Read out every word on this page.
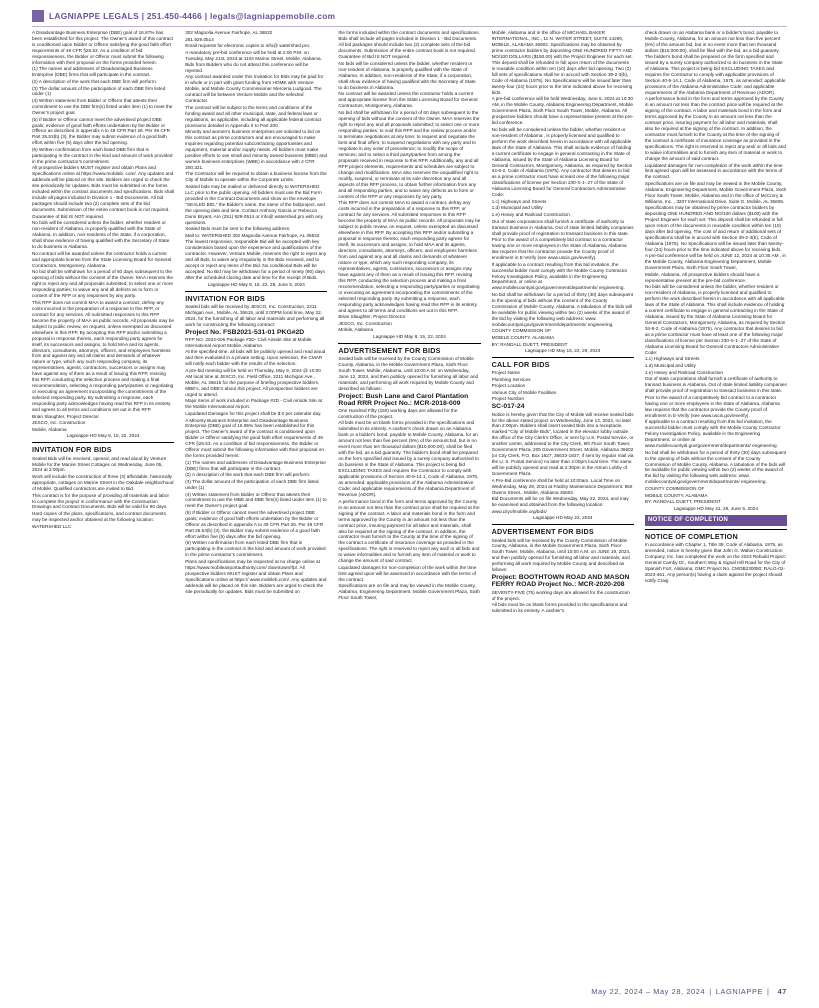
LAGNIAPPE LEGALS | 251.450-4466 | legals@lagniappemobile.com

A Disadvantage Business Enterprise (DBE) goal of 16.87% has been established for this project. The Owner's award of this contract is conditioned upon Bidder or Offeror satisfying the good faith effort requirements of 49 CFR §26.53. As a condition of bid responsiveness, the Bidder or Offeror must submit the following information with their proposal on the forms provided herein:

(1) The names and addresses of Disadvantaged Business Enterprise (DBE) firms that will participate in the contract.

(2) A description of the work that each DBE firm will perform.

(3) The dollar amount of the participation of each DBE firm listed under (1)

(4) Written statement from Bidder or Offeror that attests their commitment to use the DBE firm(s) listed under item (1) to meet the Owner's project goal.

(5) If Bidder or Offeror cannot meet the advertised project DBE goals; evidence of good faith efforts undertaken by the Bidder or Offeror as described in appendix A to 49 CFR Part 26. Per 49 CFR Part 26.53(b) (3), the Bidder may submit evidence of a good faith effort within five (5) days after the bid opening.

(6) Written confirmation from each listed DBE firm that is participating in the contract in the kind and amount of work provided in the prime contractor's commitment.

All prospective bidders MUST register and obtain Plans and Specifications online at https://www.mobileb. com/. Any updates and addenda will be placed on this site. Bidders are urged to check the site periodically for updates. Bids must be submitted on the forms included within the contract documents and specifications. Bids shall include all pages included in Division 1 - Bid Documents. All bid packages should include two (2) complete sets of the bid documents. Submission of the entire contract book is not required.

Guarantee of Bid IS NOT required.

No bids will be considered unless the bidder, whether resident or non-resident of Alabama, is properly qualified with the State of Alabama. In addition, non-residents of the State, if a corporation, shall show evidence of having qualified with the Secretary of State to do business in Alabama.

No contract will be awarded unless the contractor holds a current and appropriate license from the State Licensing Board for General Contractors, Montgomery, Alabama.

No bid shall be withdrawn for a period of 60 days subsequent to the opening of bids without the consent of the Owner. MAA reserves the right to reject any and all proposals submitted; to select one or more responding parties; to waive any and all defects as to form or content of the RFP or any responses by any party.

This RFP does not commit MAA to award a contract, defray any costs incurred in the preparation of a response to this RFP, or contract for any services. All submitted responses to this RFP become the property of MAA as public records. All proposals may be subject to public review, on request, unless exempted as discussed elsewhere in this RFP. By accepting this RFP and/or submitting a proposal in response thereto, each responding party agrees for itself, its successors and assigns, to hold MAA and its agents, directors, consultants, attorneys, officers, and employees harmless from and against any and all claims and demands of whatever nature or type, which any such responding company, its representatives, agents, contractors, successors or assigns may have against any of them as a result of issuing this RFP, revising this RFP, conducting the selection process and making a final recommendation, selecting a responding party/parties or negotiating or executing an agreement incorporating the commitments of the selected responding party. By submitting a response, each responding party acknowledges having read this RFP in its entirety and agrees to all terms and conditions set out in this RFP.

Brian Slaughter, Project Director

JESCO, Inc. Construction

Mobile, Alabama

Lagniappe HD May 8, 15, 22, 2024

INVITATION FOR BIDS

Sealed Bids will be received, opened, and read aloud by Venture Mobile for the Marine Street Cottages on Wednesday, June 05, 2024 at 2:00pm.

Work will include the construction of three (3) affordable, historically appropriate, cottages on Marine Street in the Oakdale neighborhood of Mobile. Qualified contractors are invited to Bid.

This contract is for the purpose of providing all materials and labor to complete the project in conformance with the Construction Drawings and Contract Documents. Bids will be valid for 90 days.

Hard copies of the plans, specifications, and contract documents may be inspected and/or obtained at the following location:

WATERSHED LLC

302 Magnolia Avenue Fairhope, AL 36532

251.929.0514

Email requests for electronic copies to info@ watershed.pro.

A mandatory pre-bid conference will be held at 2:00 P.M. on Tuesday, May 21st, 2024 at 1104 Marine Street, Mobile, Alabama. Bids from Bidders who do not attend this conference will be rejected.

Any contract awarded under this Invitation for Bids may be paid for in whole or in part with grant funding from HOME with Venture Mobile, and Mobile County Commissioner Merceria Ludgood. The contract will be between Venture Mobile and the selected Contractor.

The contract will be subject to the terms and conditions of the funding award and all other municipal, state, and federal laws or regulations, as applicable, including all applicable federal contract provisions detailed in Appendix II to Part 200.

Minority and women's business enterprises are solicited to bid on this contract as prime contractors and are encouraged to make inquiries regarding potential subcontracting opportunities and equipment, material and/or supply needs. All bidders must make positive efforts to use small and minority owned business (MBE) and women business enterprises (WBE) in accordance with 2 CFR 200.321.

The Contractor will be required to obtain a business license from the City of Mobile to operate within the Corporate Limits.

Sealed bids may be mailed or delivered directly to WATERSHED LLC prior to the public opening. All bidders must use the Bid Form provided in the Contract Documents and show on the envelope "SEALED BID," the Bidder's name, the name of the bid/project, and the opening date and time. Contact Anthony Garcia or Rebecca Dunn Bryant, AIA (251) 929-0514 or info@ watershed.pro with any questions.

Sealed Bids must be sent to the following address:

Mail to: WATERSHED 302 Magnolia Avenue Fairhope, AL 36532

The lowest responsive, responsible Bid will be accepted with key consideration based upon the experience and qualifications of the contractor. However, Venture Mobile, reserves the right to reject any and all Bids, to waive any irregularity in the Bids received, and to accept or reject any items of the Bid. No conditional Bids will be accepted. No Bid may be withdrawn for a period of ninety (90) days after the scheduled closing date and time for the receipt of Bids.

Lagniappe HD May 8, 15, 22, 29, June 5, 2024

INVITATION FOR BIDS

Sealed bids will be received by JESCO, Inc. Construction, 2211 Michigan Ave., Mobile, AL 36615, until 2:00PM local time, May 22, 2024, for the furnishing of all labor and materials and performing all work for constructing the following contract:

Project No. FSB2021-531-01 PKG#2D

RFP NO. 2024-006 Package #2D- Civil Airside Site at Mobile International Airport Mobile, Alabama

At the specified time, all bids will be publicly opened and read aloud and then evaluated in a private setting. Upon selection, the CMAR will notify each bidder with the results of the selection.

A pre-bid meeting will be held on Thursday, May 9, 2024 @ 10:00 AM local time at JESCO, Inc. Field Office, 2211 Michigan Ave., Mobile, AL 36615 for the purpose of briefing prospective bidders, MBE's, and DBE's about this project. All prospective bidders are urged to attend.

Major items of work included in Package #2D - Civil Airside Site at the Mobile International Airport.

Liquidated Damages for this project shall be $ 0 per calendar day.

A Minority Business Enterprise and Disadvantage Business Enterprise (DBE) goal of 16.95% has been established for this project. The Owner's award of the contract is conditioned upon Bidder or Offeror satisfying the good faith effort requirements of 49 CFR §26.53. As a condition of bid responsiveness, the Bidder or Offeror must submit the following information with their proposal on the forms provided herein:

(1) The names and addresses of Disadvantage Business Enterprise (DBE) firms that will participate in the contract.

(2) A description of the work that each DBE firm will perform.

(3) The dollar amount of the participation of each DBE firm listed under (1)

(4) Written statement from Bidder or Offeror that attests their commitment to use the MBE and DBE firm(s) listed under item (1) to meet the Owner's project goal.

(5) If Bidder or Offeror cannot meet the advertised project DBE goals; evidence of good faith efforts undertaken by the Bidder or Offeror as described in appendix A to 49 CFR Part 26. Per 49 CFR Part 26.53(b) (3), the Bidder may submit evidence of a good faith effort within five (5) days after the bid opening.

(6) Written confirmation from each listed DBE firm that is participating in the contract in the kind and amount of work provided in the prime contractor's commitment.

Plans and specifications may be inspected at no charge online at https://www.mobileairportauthority.com/ downtown/rfp/. All prospective bidders MUST register and obtain Plans and Specifications online at https:// www.mobileb.com/. Any updates and addenda will be placed on this site. Bidders are urged to check the site periodically for updates. Bids must be submitted on

the forms included within the contract documents and specifications. Bids shall include all pages included in Division 1 - Bid Documents. All bid packages should include two (2) complete sets of the bid documents. Submission of the entire contract book is not required.

Guarantee of Bid IS NOT required.

No bids will be considered unless the bidder, whether resident or non-resident of Alabama, is properly qualified with the State of Alabama. In addition, non-residents of the State, if a corporation, shall show evidence of having qualified with the Secretary of State to do business in Alabama.

No contract will be awarded unless the contractor holds a current and appropriate license from the State Licensing Board for General Contractors, Montgomery, Alabama.

No bid shall be withdrawn for a period of 60 days subsequent to the opening of bids without the consent of the Owner. MAA reserves the right to reject any and all proposals submitted; to select one or more responding parties; to void this RFP and the review process and/or to terminate negotiations at any time; to request and negotiate the best and final offers; to suspend negotiations with any party and to negotiate in any order of precedence; to modify the scope of services; and to select a third party/parties from among the proposals received in response to this RFP. Additionally, any and all RFP project elements, requirements and schedules are subject to change and modification. MAA also reserves the unqualified right to modify, suspend, or terminate at its sole discretion any and all aspects of this RFP process, to obtain further information from any and all responding parties, and to waive any defects as to form or content of the RFP or any responses by any party.

This RFP does not commit MAA to award a contract, defray any costs incurred in the preparation of a response to this RFP, or contract for any services. All submitted responses to this RFP become the property of MAA as public records. All proposals may be subject to public review, on request, unless exempted as discussed elsewhere in this RFP. By accepting this RFP and/or submitting a proposal in response thereto, each responding party agrees for itself, its successors and assigns, to hold MAA and its agents, directors, consultants, attorneys, officers, and employees harmless from and against any and all claims and demands of whatever nature or type, which any such responding company, its representatives, agents, contractors, successors or assigns may have against any of them as a result of issuing this RFP, revising this RFP, conducting the selection process and making a final recommendation, selecting a responding party/parties or negotiating or executing an agreement incorporating the commitments of the selected responding party. By submitting a response, each responding party acknowledges having read this RFP in its entirety and agrees to all terms and conditions set out in this RFP.

Brian Slaughter, Project Director

JESCO, Inc. Construction

Mobile, Alabama

Lagniappe HD May 8, 15, 22, 2024

ADVERTISEMENT FOR BIDS

Sealed bids will be received by the County Commission of Mobile County, Alabama, in the Mobile Government Plaza, Sixth Floor South Tower, Mobile, Alabama, until 10:00 A.M. on Wednesday, June 12, 2024, and then publicly opened for furnishing all labor and materials, and performing all work required by Mobile County and described as follows:

Project: Bush Lane and Carol Plantation Road RRR Project No.: MCR-2018-009

One Hundred Fifty (150) working days are allowed for the construction of the project.

All bids must be on blank forms provided in the specifications and submitted in its entirety. A cashier's check drawn on an Alabama bank or a bidder's bond, payable to Mobile County, Alabama, for an amount not less than five percent (5%) of the amount bid, but in no event more than ten thousand dollars ($10,000.00), shall be filed with the bid, as a bid guaranty. The bidder's bond shall be prepared on the form specified and issued by a surety company authorized to do business in the State of Alabama. This project is being bid EXCLUDING TAXES and requires the Contractor to comply with applicable provisions of Section 40-9-14.1, Code of Alabama, 1975, as amended; applicable provisions of the Alabama Administrative Code; and applicable requirements of the Alabama Department of Revenue (ADOR).

A performance bond in the form and terms approved by the County in an amount not less than the contract price shall be required at the signing of the contract. A labor and materials bond in the form and terms approved by the County in an amount not less than the contract price, insuring payment for all labor and materials, shall also be required at the signing of the contract. In addition, the contractor must furnish to the County at the time of the signing of the contract a certificate of insurance coverage as provided in the specifications. The right is reserved to reject any and/ or all bids and to waive informalities and to furnish any item of material or work to change the amount of said contract.

Liquidated damages for non-completion of the work within the time limit agreed upon will be assessed in accordance with the terms of the contract.

Specifications are on file and may be viewed in the Mobile County, Alabama, Engineering Department, Mobile Government Plaza, Sixth Floor South Tower,

Mobile, Alabama and in the office of MICHAEL BAKER INTERNATIONAL, INC., 11 N. WATER STREET, SUITE 14290, MOBILE, ALABAMA 36602. Specifications may be obtained by prime contractor bidders by depositing ONE HUNDRED FIFTY AND NO/100 DOLLARS ($150.00) with the Project Engineer for each set. This deposit shall be refunded in full upon return of the documents in reusable condition within ten (10) days after bid opening. Two (2) full sets of specifications shall be in accord with Section 39-2-3(b), Code of Alabama (1975). No Specifications will be issued later than twenty-four (24) hours prior to the time indicated above for receiving bids.

A pre-bid conference will be held Wednesday, June 5, 2024 at 10:30 AM, in the Mobile County, Alabama Engineering Department, Mobile Government Plaza, Sixth Floor South Tower, Mobile, Alabama. All prospective bidders should have a representative present at the pre-bid conference.

No bids will be considered unless the bidder, whether resident or non-resident of Alabama , is properly licensed and qualified to perform the work described herein in accordance with all applicable laws of the State of Alabama. This shall include evidence of holding a current certificate to engage in general contracting in the State of Alabama, issued by the State of Alabama Licensing Board for General Contractors, Montgomery, Alabama, as required by Section 34-8-2, Code of Alabama (1975). Any contractor that desires to bid as a prime contractor must have at least one of the following major classifications of license per Section 230-X-1-.27 of the State of Alabama Licensing Board for General Contractors Administrative Code:

1.c) Highways and Streets

1.d) Municipal and Utility

1.e) Heavy and Railroad Construction

Out of state corporations shall furnish a certificate of authority to transact business in Alabama. Out of state limited liability companies shall provide proof of registration to transact business in this state.

Prior to the award of a competitively bid contract to a contractor having one or more employees in the State of Alabama, Alabama law requires that the contractor provide the County proof of enrollment in E-Verify (see www.uscis.gov/everify).

If applicable to a contract resulting from this bid invitation, the successful bidder must comply with the Mobile County Contractor Felony Investigation Policy, available in the Engineering Department, or online at www.mobilecountyal.gov/government/departments/ engineering.

No bid shall be withdrawn for a period of thirty (30) days subsequent to the opening of bids without the consent of the County Commission of Mobile County, Alabama. A tabulation of the bids will be available for public viewing within two (2) weeks of the award of the bid by visiting the following web address: www. mobilecountyal.gov/government/departments/ engineering.

COUNTY COMMISSION OF

MOBILE COUNTY, ALABAMA

BY: RANDALL DUETT, PRESIDENT

Lagniappe HD May 15, 22, 29, 2024

CALL FOR BIDS

Project Name

Plumbing Services

Project Location

Various City of Mobile Facilities

Project Number

SC-017-24

Notice is hereby given that the City of Mobile will receive sealed bids for the above stated project on Wednesday, June 12, 2024, no later than 2:00pm. Bidders shall insert sealed Bids into a receptacle, marked "City of Mobile Bids", located in the elevator lobby outside the office of the City Clerk's Office, or sent by U.S. Postal Service, or another carrier, addressed to the City Clerk, 9th Floor South Tower, Government Plaza, 205 Government Street, Mobile, Alabama 36602 (or City Clerk, P.O. Box 1827, 36633-1827, if sent by regular mail via the U. S. Postal Service) no later than 2:00pm local time. The same will be publicly opened and read at 2:30pm in the Atrium Lobby of Government Plaza.

A Pre-Bid conference shall be held at 10:00am. Local Time on Wednesday, May 29, 2024 at Facility Maintenance Department: 850 Owens Street., Mobile, Alabama 36604.

Bid Documents will be on file Wednesday, May 22, 2024, and may be examined and obtained from the following location:

www.cityofmobile.org/bids/

Lagniappe HD May 22, 2024

ADVERTISEMENT FOR BIDS

Sealed bids will be received by the County Commission of Mobile County, Alabama, in the Mobile Government Plaza, Sixth Floor South Tower, Mobile, Alabama, until 10:00 A.M. on JUNE 19, 2024, and then publicly opened for furnishing all labor and materials, and performing all work required by Mobile County and described as follows:

Project: BOOTHTOWN ROAD AND MASON FERRY ROAD Project No.: MCR-2020-208

SEVENTY-FIVE (75) working days are allowed for the construction of the project.

All bids must be on blank forms provided in the specifications and submitted in its entirety. A cashier's

check drawn on an Alabama bank or a bidder's bond, payable to Mobile County, Alabama, for an amount not less than five percent (5%) of the amount bid, but in no event more than ten thousand dollars ($10,000.00), shall be filed with the bid, as a bid guaranty. The bidder's bond shall be prepared on the form specified and issued by a surety company authorized to do business in the State of Alabama. This project is being bid EXCLUDING TAXES and requires the Contractor to comply with applicable provisions of Section 40-9-14.1, Code of Alabama, 1975, as amended; applicable provisions of the Alabama Administrative Code; and applicable requirements of the Alabama Department of Revenue (ADOR).

A performance bond in the form and terms approved by the County in an amount not less than the contract price will be required at the signing of the contract. A labor and materials bond in the form and terms approved by the County in an amount not less than the contract price, insuring payment for all labor and materials, shall also be required at the signing of the contract. In addition, the contractor must furnish to the County at the time of the signing of the contract a certificate of insurance coverage as provided in the specifications. The right is reserved to reject any and/ or all bids and to waive informalities and to furnish any item of material or work to change the amount of said contract.

Liquidated damages for non-completion of the work within the time limit agreed upon will be assessed in accordance with the terms of the contract.

Specifications are on file and may be viewed in the Mobile County, Alabama, Engineering Department, Mobile Government Plaza, Sixth Floor South Tower, Mobile, Alabama and in the office of McCrory & Williams, Inc. , 3207 International Drive, Suite G, Mobile, AL 36606. Specifications may be obtained by prime contractor bidders by depositing ONE HUNDRED AND NO/100 dollars ($100) with the Project Engineer for each set. This deposit shall be refunded in full upon return of the documents in reusable condition within ten (10) days after bid opening. The cost of and return of additional sets of specifications shall be in accord with Section 39-2-3(b), Code of Alabama (1975). No Specifications will be issued later than twenty-four (24) hours prior to the time indicated above for receiving bids.

A pre-bid conference will be held on JUNE 12, 2024 at 10:30 AM , in the Mobile County, Alabama Engineering Department, Mobile Government Plaza, Sixth Floor South Tower,

Mobile, Alabama. All prospective bidders should have a representative present at the pre-bid conference.

No bids will be considered unless the bidder, whether resident or non-resident of Alabama, is properly licensed and qualified to perform the work described herein in accordance with all applicable laws of the State of Alabama. This shall include evidence of holding a current certificate to engage in general contracting in the State of Alabama, issued by the State of Alabama Licensing Board for General Contractors, Montgomery, Alabama, as required by Section 34-8-2, Code of Alabama (1975). Any contractor that desires to bid as a prime contractor must have at least one of the following major classifications of license per Section 230-X-1-.27 of the State of Alabama Licensing Board for General Contractors Administrative Code:

1.c) Highways and Streets

1.d) Municipal and Utility

1.e) Heavy and Railroad Construction

Out of state corporations shall furnish a certificate of authority to transact business in Alabama. Out of state limited liability companies shall provide proof of registration to transact business in this state.

Prior to the award of a competitively bid contract to a contractor having one or more employees in the State of Alabama, Alabama law requires that the contractor provide the County proof of enrollment in E-Verify (see www.uscis.gov/everify).

If applicable to a contract resulting from this bid invitation, the successful bidder must comply with the Mobile County Contractor Felony Investigation Policy, available in the Engineering Department, or online at www.mobilecountyal.gov/government/departments/ engineering.

No bid shall be withdrawn for a period of thirty (30) days subsequent to the opening of bids without the consent of the County Commission of Mobile County, Alabama. A tabulation of the bids will be available for public viewing within two (2) weeks of the award of the bid by visiting the following web address: www. mobilecountyal.gov/government/departments/ engineering.

COUNTY COMMISSION OF

MOBILE COUNTY, ALABAMA

BY: RANDALL DUETT, PRESIDENT

Lagniappe HD May 22, 29, June 5, 2024

NOTICE OF COMPLETION
NOTICE OF COMPLETION

In accordance with Chapter 1, Title 39, Code of Alabama, 1975, as amended, notice is hereby given that John G. Walton Construction Company, Inc. has completed the work on the 2023 Rebuild Project: General Camby Dr., Southern Way & Signal Hill Road for the City of Spanish Fort, Alabama; GMC Project No. CMOB230050; RALG-02-2023-461. Any person(s) having a claim against the project should notify Craig

May 22, 2024 – May 28, 2024 | LAGNIAPPE | 47
